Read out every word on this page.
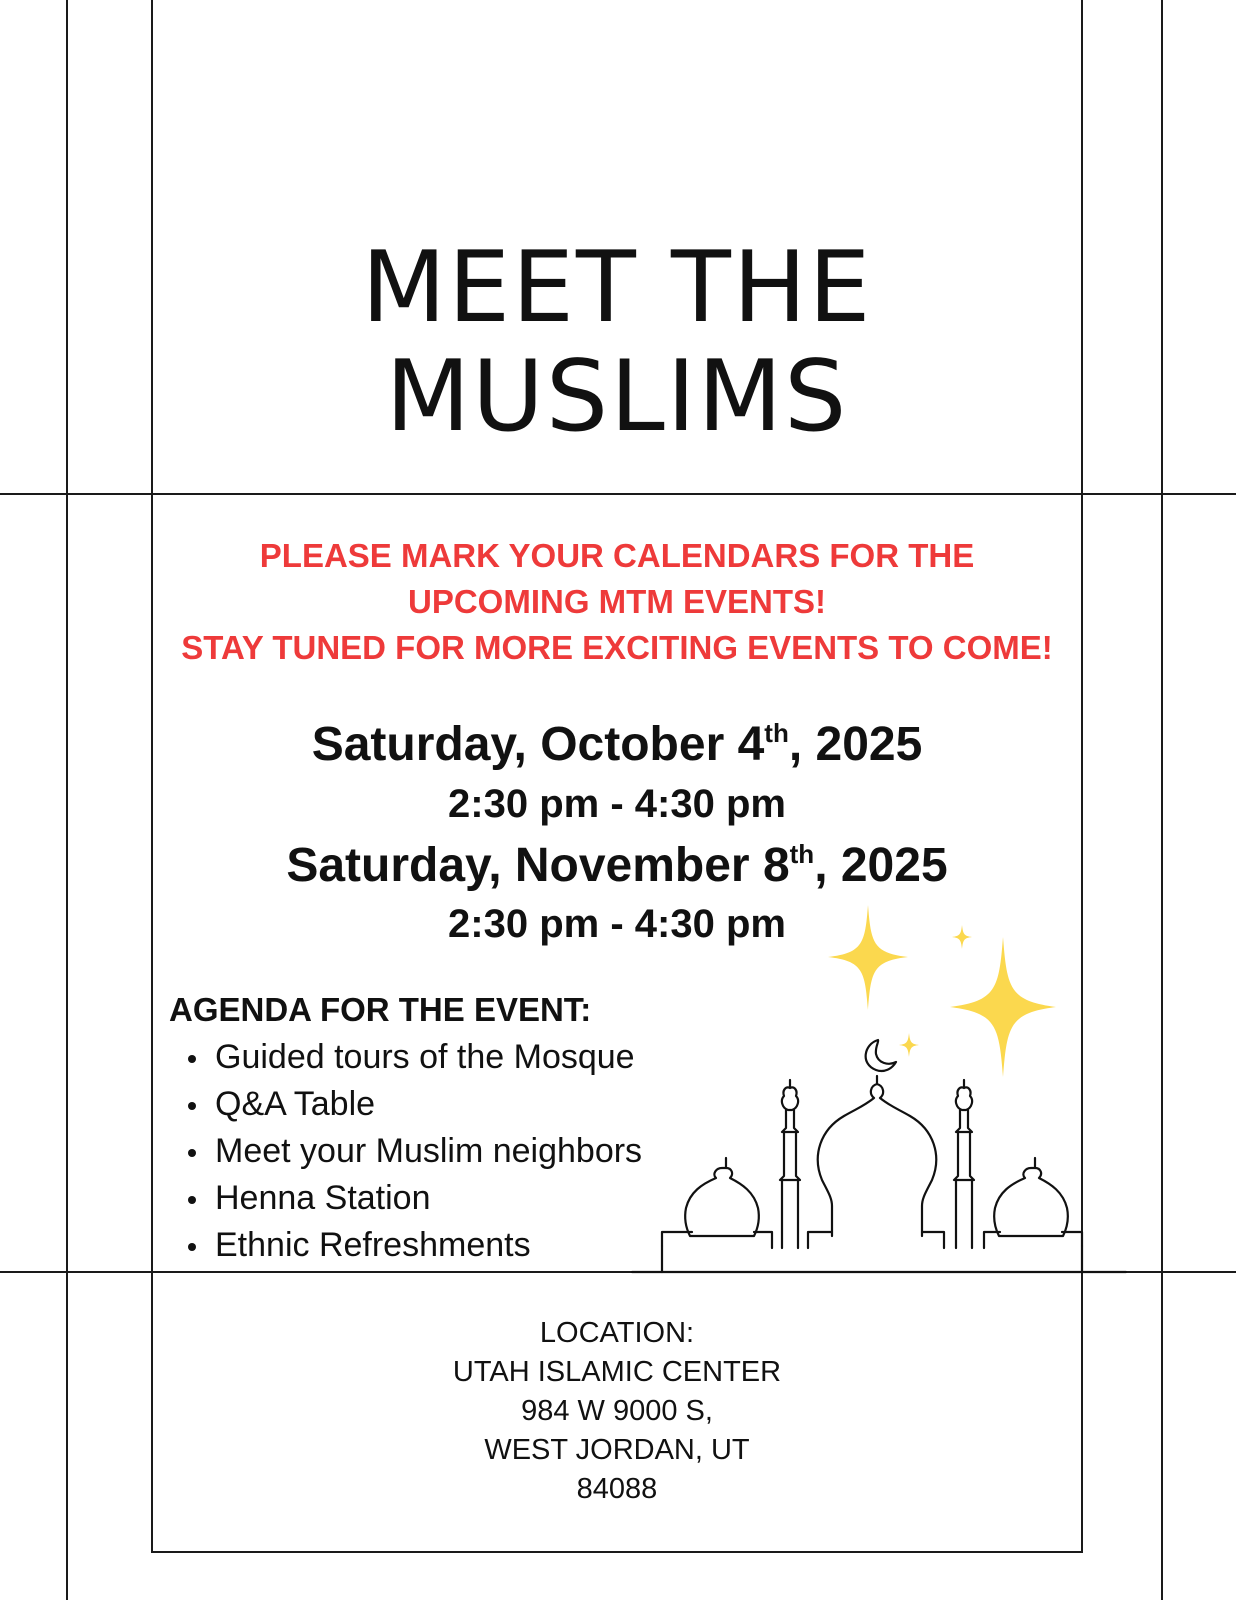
MEET THE
MUSLIMS
PLEASE MARK YOUR CALENDARS FOR THE
UPCOMING MTM EVENTS!
STAY TUNED FOR MORE EXCITING EVENTS TO COME!
Saturday, October 4th, 2025
2:30 pm - 4:30 pm
Saturday, November 8th, 2025
2:30 pm - 4:30 pm
AGENDA FOR THE EVENT:
Guided tours of the Mosque
Q&A Table
Meet your Muslim neighbors
Henna Station
Ethnic Refreshments
LOCATION:
UTAH ISLAMIC CENTER
984 W 9000 S,
WEST JORDAN, UT
84088
